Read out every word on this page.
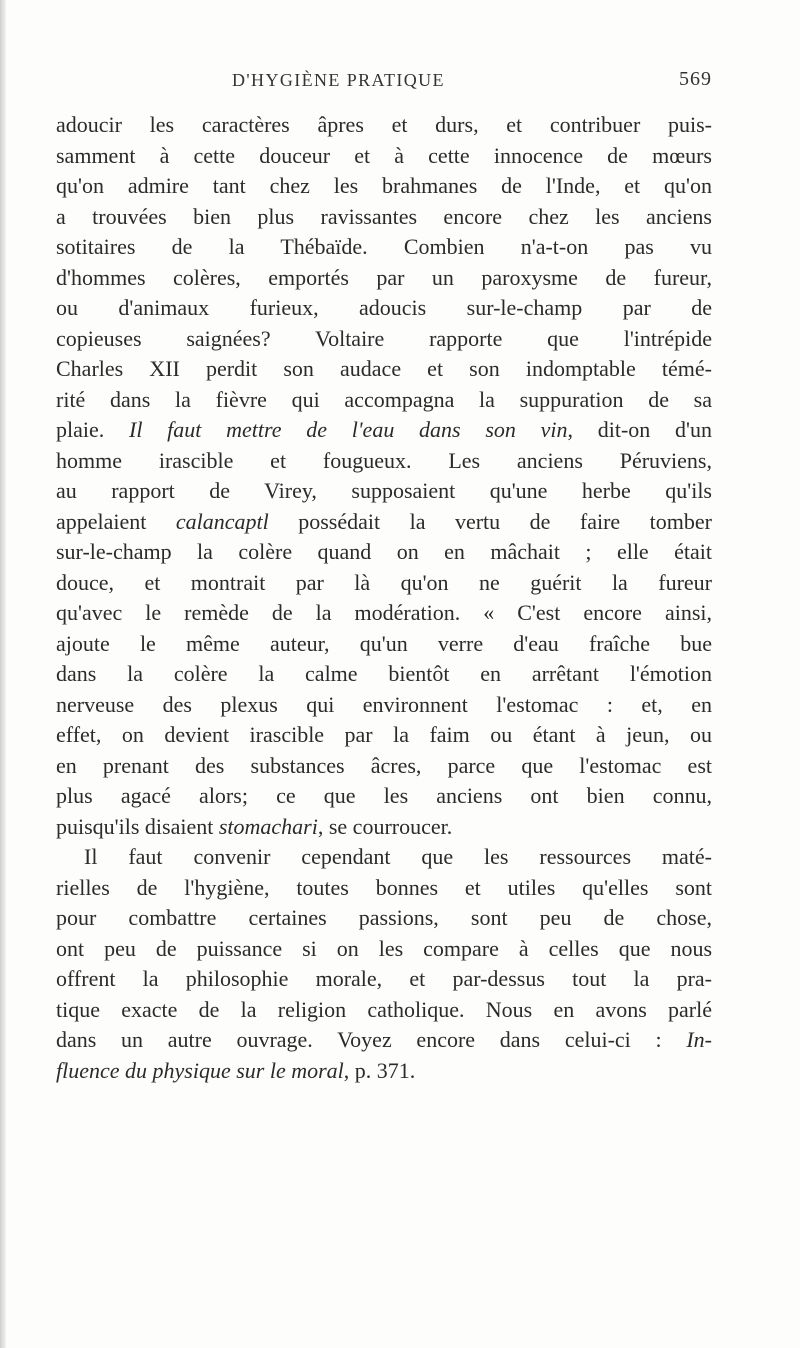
D'HYGIÈNE PRATIQUE	569
adoucir les caractères âpres et durs, et contribuer puis-
samment à cette douceur et à cette innocence de mœurs
qu'on admire tant chez les brahmanes de l'Inde, et qu'on
a trouvées bien plus ravissantes encore chez les anciens
sotitaires de la Thébaïde. Combien n'a-t-on pas vu
d'hommes colères, emportés par un paroxysme de fureur,
ou d'animaux furieux, adoucis sur-le-champ par de
copieuses saignées? Voltaire rapporte que l'intrépide
Charles XII perdit son audace et son indomptable témé-
rité dans la fièvre qui accompagna la suppuration de sa
plaie. Il faut mettre de l'eau dans son vin, dit-on d'un
homme irascible et fougueux. Les anciens Péruviens,
au rapport de Virey, supposaient qu'une herbe qu'ils
appelaient calancaptl possédait la vertu de faire tomber
sur-le-champ la colère quand on en mâchait ; elle était
douce, et montrait par là qu'on ne guérit la fureur
qu'avec le remède de la modération. « C'est encore ainsi,
ajoute le même auteur, qu'un verre d'eau fraîche bue
dans la colère la calme bientôt en arrêtant l'émotion
nerveuse des plexus qui environnent l'estomac : et, en
effet, on devient irascible par la faim ou étant à jeun, ou
en prenant des substances âcres, parce que l'estomac est
plus agacé alors; ce que les anciens ont bien connu,
puisqu'ils disaient stomachari, se courroucer.
Il faut convenir cependant que les ressources maté-
rielles de l'hygiène, toutes bonnes et utiles qu'elles sont
pour combattre certaines passions, sont peu de chose,
ont peu de puissance si on les compare à celles que nous
offrent la philosophie morale, et par-dessus tout la pra-
tique exacte de la religion catholique. Nous en avons parlé
dans un autre ouvrage. Voyez encore dans celui-ci : In-
fluence du physique sur le moral, p. 371.
